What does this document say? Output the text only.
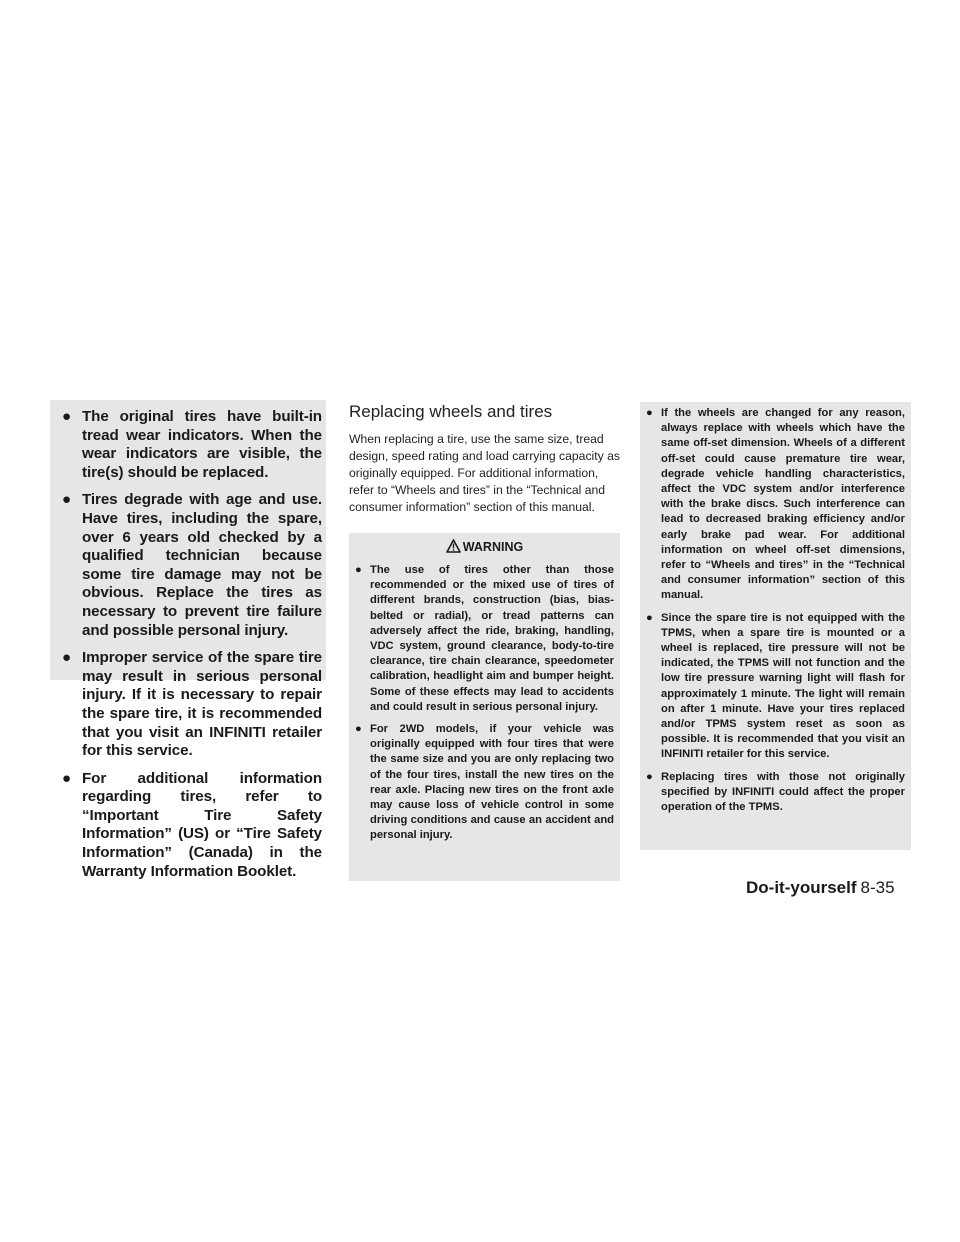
● The original tires have built-in tread wear indicators. When the wear indicators are visible, the tire(s) should be replaced.
● Tires degrade with age and use. Have tires, including the spare, over 6 years old checked by a qualified technician because some tire damage may not be obvious. Replace the tires as necessary to prevent tire failure and possible personal injury.
● Improper service of the spare tire may result in serious personal injury. If it is necessary to repair the spare tire, it is recommended that you visit an INFINITI retailer for this service.
● For additional information regarding tires, refer to “Important Tire Safety Information” (US) or “Tire Safety Information” (Canada) in the Warranty Information Booklet.
Replacing wheels and tires

When replacing a tire, use the same size, tread design, speed rating and load carrying capacity as originally equipped. For additional information, refer to “Wheels and tires” in the “Technical and consumer information” section of this manual.

WARNING
● The use of tires other than those recommended or the mixed use of tires of different brands, construction (bias, bias-belted or radial), or tread patterns can adversely affect the ride, braking, handling, VDC system, ground clearance, body-to-tire clearance, tire chain clearance, speedometer calibration, headlight aim and bumper height. Some of these effects may lead to accidents and could result in serious personal injury.
● For 2WD models, if your vehicle was originally equipped with four tires that were the same size and you are only replacing two of the four tires, install the new tires on the rear axle. Placing new tires on the front axle may cause loss of vehicle control in some driving conditions and cause an accident and personal injury.
● If the wheels are changed for any reason, always replace with wheels which have the same off-set dimension. Wheels of a different off-set could cause premature tire wear, degrade vehicle handling characteristics, affect the VDC system and/or interference with the brake discs. Such interference can lead to decreased braking efficiency and/or early brake pad wear. For additional information on wheel off-set dimensions, refer to “Wheels and tires” in the “Technical and consumer information” section of this manual.
● Since the spare tire is not equipped with the TPMS, when a spare tire is mounted or a wheel is replaced, tire pressure will not be indicated, the TPMS will not function and the low tire pressure warning light will flash for approximately 1 minute. The light will remain on after 1 minute. Have your tires replaced and/or TPMS system reset as soon as possible. It is recommended that you visit an INFINITI retailer for this service.
● Replacing tires with those not originally specified by INFINITI could affect the proper operation of the TPMS.
Do-it-yourself 8-35
